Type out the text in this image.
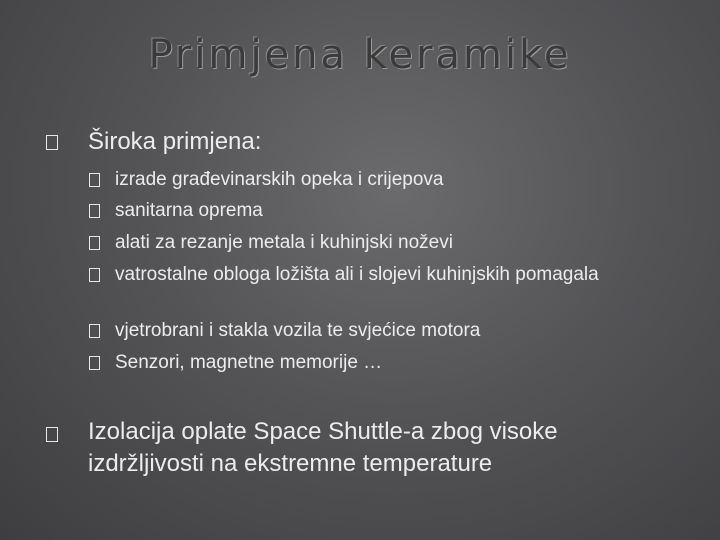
Primjena keramike
Široka primjena:
izrade građevinarskih opeka i crijepova
sanitarna oprema
alati za rezanje metala i kuhinjski noževi
vatrostalne obloga ložišta ali i slojevi kuhinjskih pomagala
vjetrobrani i stakla vozila te svjećice motora
Senzori, magnetne memorije …
Izolacija oplate Space Shuttle-a zbog visoke izdržljivosti na ekstremne temperature
